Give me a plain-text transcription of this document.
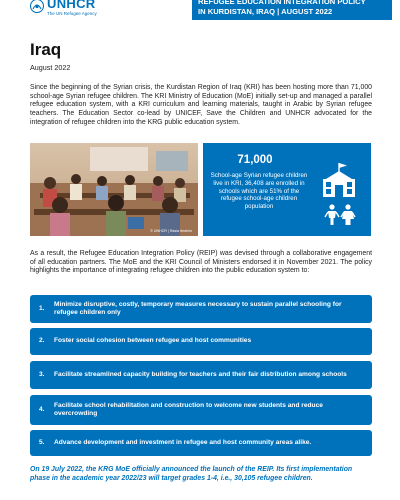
UNHCR
The UN Refugee Agency
REFUGEE EDUCATION INTEGRATION POLICY
IN KURDISTAN, IRAQ | AUGUST 2022
Iraq
August 2022

Since the beginning of the Syrian crisis, the Kurdistan Region of Iraq (KRI) has been hosting more than 71,000 school-age Syrian refugee children. The KRI Ministry of Education (MoE) initially set-up and managed a parallel refugee education system, with a KRI curriculum and learning materials, taught in Arabic by Syrian refugee teachers. The Education Sector co-lead by UNICEF, Save the Children and UNHCR advocated for the integration of refugee children into the KRG public education system.

© UNHCR | Rasia Ibrahim
71,000
School-age Syrian refugee children live in KRI, 36,408 are enrolled in schools which are 51% of the refugee school-age children population

As a result, the Refugee Education Integration Policy (REIP) was devised through a collaborative engagement of all education partners. The MoE and the KRI Council of Ministers endorsed it in November 2021. The policy highlights the importance of integrating refugee children into the public education system to:

1.
Minimize disruptive, costly, temporary measures necessary to sustain parallel schooling for refugee children only
2.	Foster social cohesion between refugee and host communities
3.	Facilitate streamlined capacity building for teachers and their fair distribution among schools
4.
Facilitate school rehabilitation and construction to welcome new students and reduce overcrowding
5.	Advance development and investment in refugee and host community areas alike.

On 19 July 2022, the KRG MoE officially announced the launch of the REIP. Its first implementation phase in the academic year 2022/23 will target grades 1-4, i.e., 30,105 refugee children.
